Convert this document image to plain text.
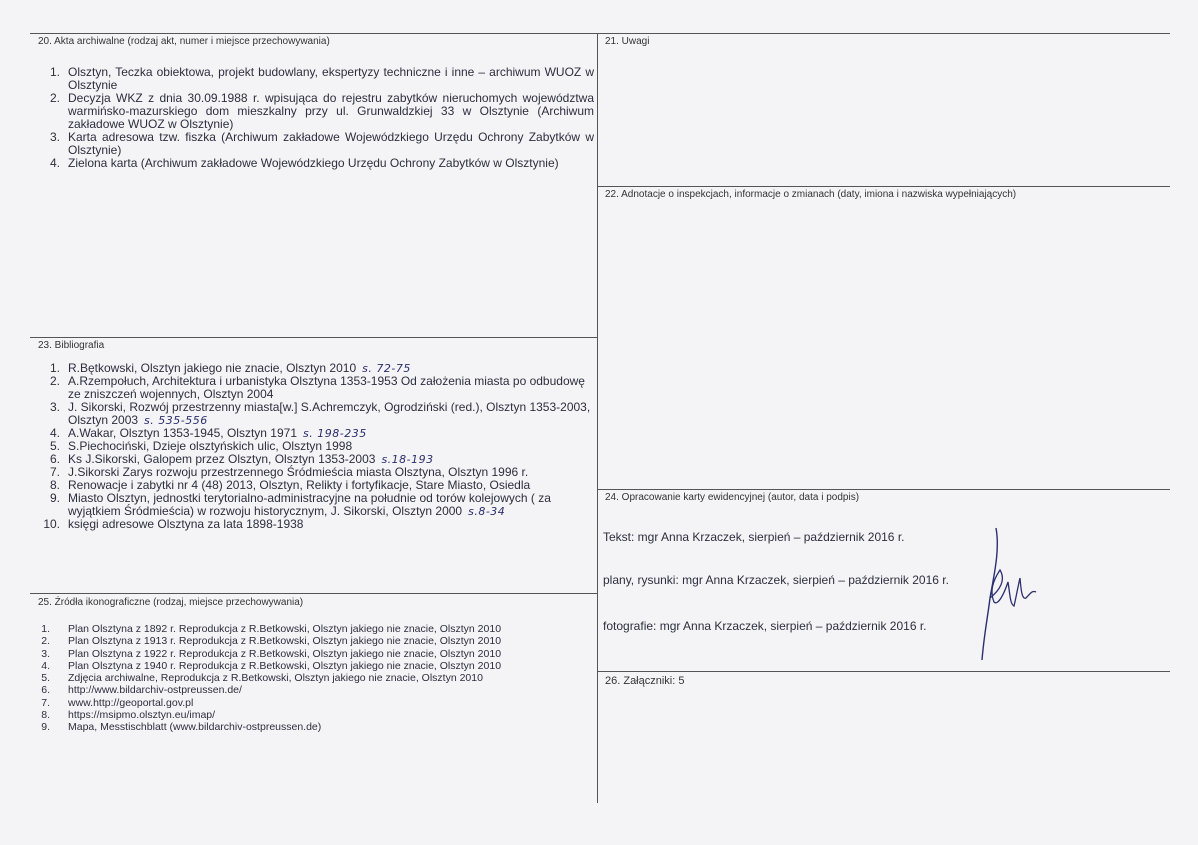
20. Akta archiwalne (rodzaj akt, numer i miejsce przechowywania)
1. Olsztyn, Teczka obiektowa, projekt budowlany, ekspertyzy techniczne i inne – archiwum WUOZ w Olsztynie
2. Decyzja WKZ z dnia 30.09.1988 r. wpisująca do rejestru zabytków nieruchomych województwa warmińsko-mazurskiego dom mieszkalny przy ul. Grunwaldzkiej 33 w Olsztynie (Archiwum zakładowe WUOZ w Olsztynie)
3. Karta adresowa tzw. fiszka (Archiwum zakładowe Wojewódzkiego Urzędu Ochrony Zabytków w Olsztynie)
4. Zielona karta (Archiwum zakładowe Wojewódzkiego Urzędu Ochrony Zabytków w Olsztynie)
21. Uwagi
22. Adnotacje o inspekcjach, informacje o zmianach (daty, imiona i nazwiska wypełniających)
23. Bibliografia
1. R.Bętkowski, Olsztyn jakiego nie znacie, Olsztyn 2010 s. 72-75
2. A.Rzempołuch, Architektura i urbanistyka Olsztyna 1353-1953 Od założenia miasta po odbudowę ze zniszczeń wojennych, Olsztyn 2004
3. J. Sikorski, Rozwój przestrzenny miasta[w.] S.Achremczyk, Ogrodziński (red.), Olsztyn 1353-2003, Olsztyn 2003 s. 535-556
4. A.Wakar, Olsztyn 1353-1945, Olsztyn 1971 s. 198-235
5. S.Piechociński, Dzieje olsztyńskich ulic, Olsztyn 1998
6. Ks J.Sikorski, Galopem przez Olsztyn, Olsztyn 1353-2003 s.18-193
7. J.Sikorski Zarys rozwoju przestrzennego Śródmieścia miasta Olsztyna, Olsztyn 1996 r.
8. Renowacje i zabytki nr 4 (48) 2013, Olsztyn, Relikty i fortyfikacje, Stare Miasto, Osiedla
9. Miasto Olsztyn, jednostki terytorialno-administracyjne na południe od torów kolejowych ( za wyjątkiem Śródmieścia) w rozwoju historycznym, J. Sikorski, Olsztyn 2000 s.8-34
10. księgi adresowe Olsztyna za lata 1898-1938
24. Opracowanie karty ewidencyjnej (autor, data i podpis)
Tekst: mgr Anna Krzaczek, sierpień – październik 2016 r.
plany, rysunki: mgr Anna Krzaczek, sierpień – październik 2016 r.
fotografie: mgr Anna Krzaczek, sierpień – październik 2016 r.
25. Źródła ikonograficzne (rodzaj, miejsce przechowywania)
1. Plan Olsztyna z 1892 r. Reprodukcja z R.Betkowski, Olsztyn jakiego nie znacie, Olsztyn 2010
2. Plan Olsztyna z 1913 r. Reprodukcja z R.Betkowski, Olsztyn jakiego nie znacie, Olsztyn 2010
3. Plan Olsztyna z 1922 r. Reprodukcja z R.Betkowski, Olsztyn jakiego nie znacie, Olsztyn 2010
4. Plan Olsztyna z 1940 r. Reprodukcja z R.Betkowski, Olsztyn jakiego nie znacie, Olsztyn 2010
5. Zdjęcia archiwalne, Reprodukcja z R.Betkowski, Olsztyn jakiego nie znacie, Olsztyn 2010
6. http://www.bildarchiv-ostpreussen.de/
7. www.http://geoportal.gov.pl
8. https://msipmo.olsztyn.eu/imap/
9. Mapa, Messtischblatt (www.bildarchiv-ostpreussen.de)
26. Załączniki: 5
